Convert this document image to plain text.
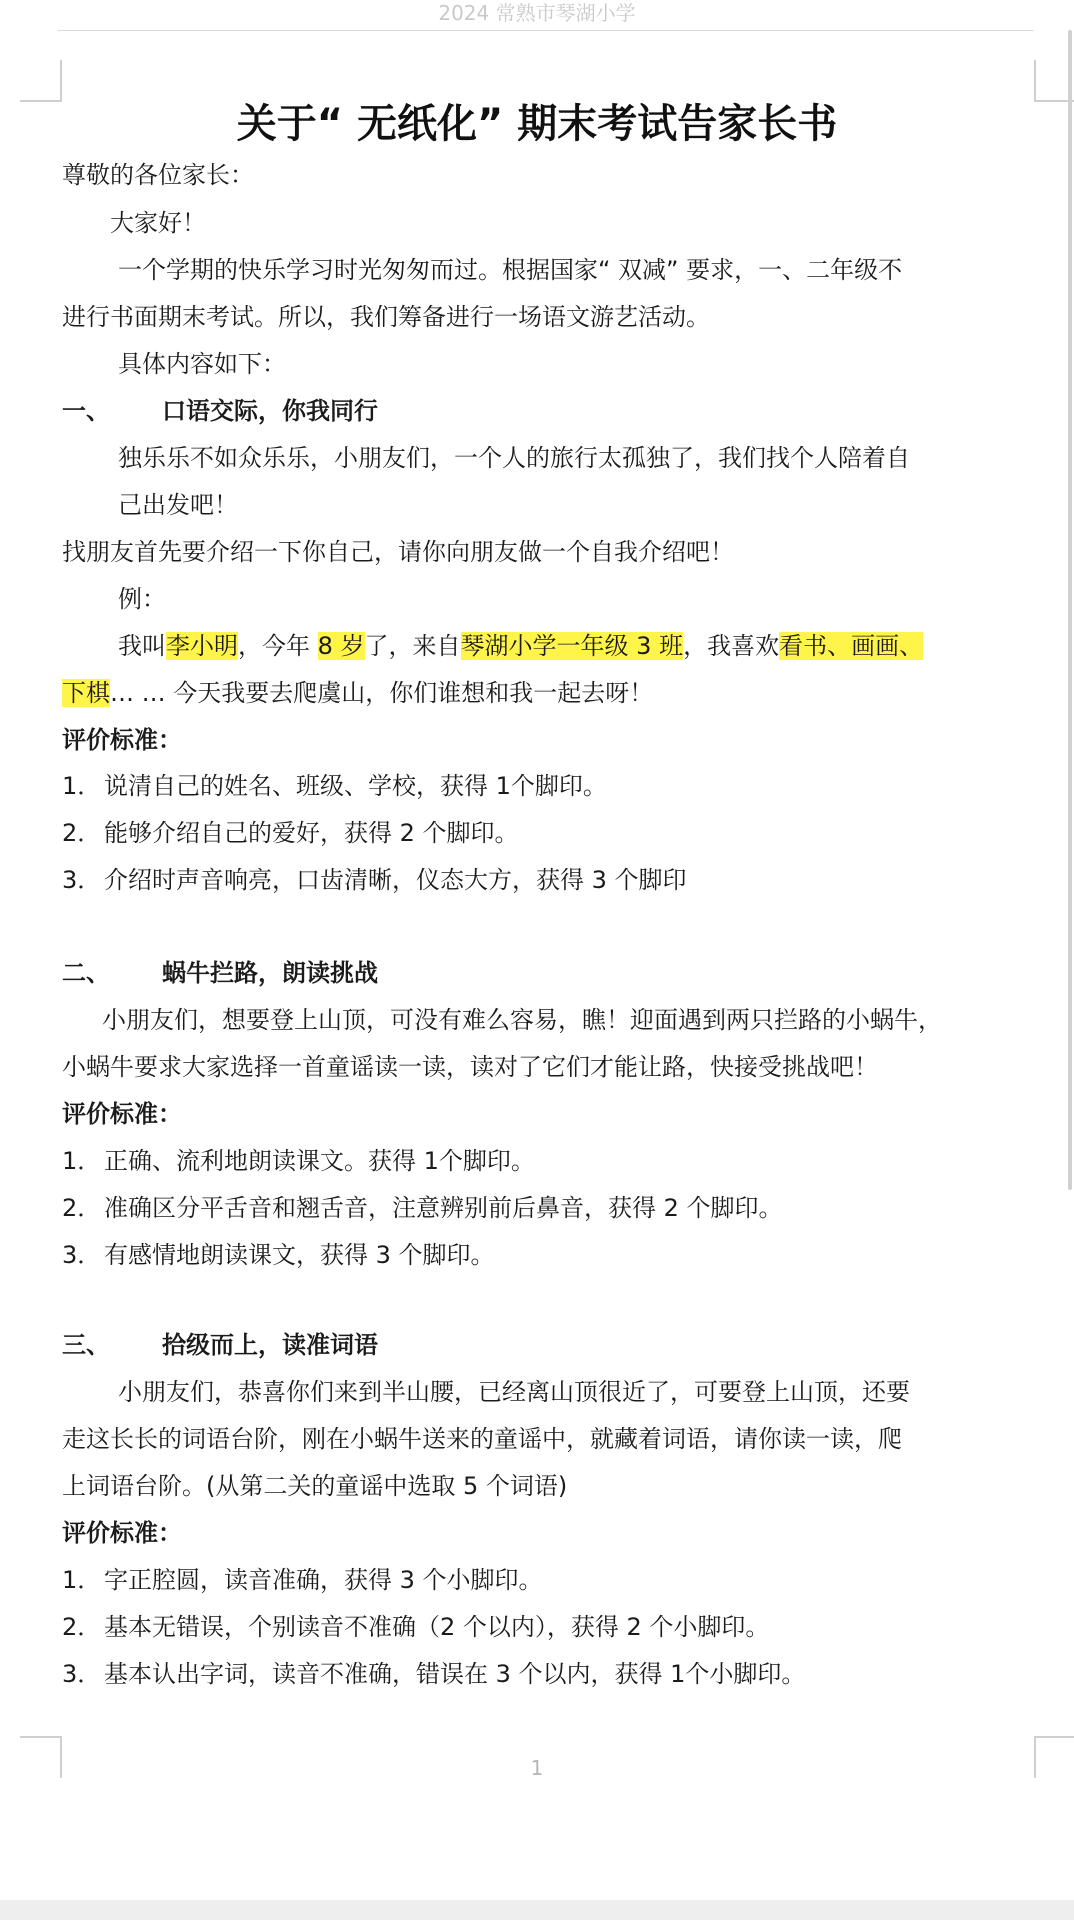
2024 常熟市琴湖小学
关于“ 无纸化” 期末考试告家长书
尊敬的各位家长：
大家好！
一个学期的快乐学习时光匆匆而过。根据国家“ 双减” 要求，一、二年级不
进行书面期末考试。所以，我们筹备进行一场语文游艺活动。
具体内容如下：
一、 口语交际，你我同行
独乐乐不如众乐乐，小朋友们，一个人的旅行太孤独了，我们找个人陪着自
己出发吧！
找朋友首先要介绍一下你自己，请你向朋友做一个自我介绍吧！
例：
我叫李小明，今年 8 岁了，来自琴湖小学一年级 3 班，我喜欢看书、画画、
下棋… … 今天我要去爬虞山，你们谁想和我一起去呀！
评价标准：
1． 说清自己的姓名、班级、学校，获得 1个脚印。
2． 能够介绍自己的爱好，获得 2 个脚印。
3． 介绍时声音响亮，口齿清晰，仪态大方，获得 3 个脚印
二、 蜗牛拦路，朗读挑战
小朋友们，想要登上山顶，可没有难么容易，瞧！迎面遇到两只拦路的小蜗牛，
小蜗牛要求大家选择一首童谣读一读，读对了它们才能让路，快接受挑战吧！
评价标准：
1． 正确、流利地朗读课文。获得 1个脚印。
2． 准确区分平舌音和翘舌音，注意辨别前后鼻音，获得 2 个脚印。
3． 有感情地朗读课文，获得 3 个脚印。
三、 拾级而上，读准词语
小朋友们，恭喜你们来到半山腰，已经离山顶很近了，可要登上山顶，还要
走这长长的词语台阶，刚在小蜗牛送来的童谣中，就藏着词语，请你读一读，爬
上词语台阶。(从第二关的童谣中选取 5 个词语)
评价标准：
1． 字正腔圆，读音准确，获得 3 个小脚印。
2． 基本无错误，个别读音不准确（2 个以内），获得 2 个小脚印。
3． 基本认出字词，读音不准确，错误在 3 个以内，获得 1个小脚印。
1
